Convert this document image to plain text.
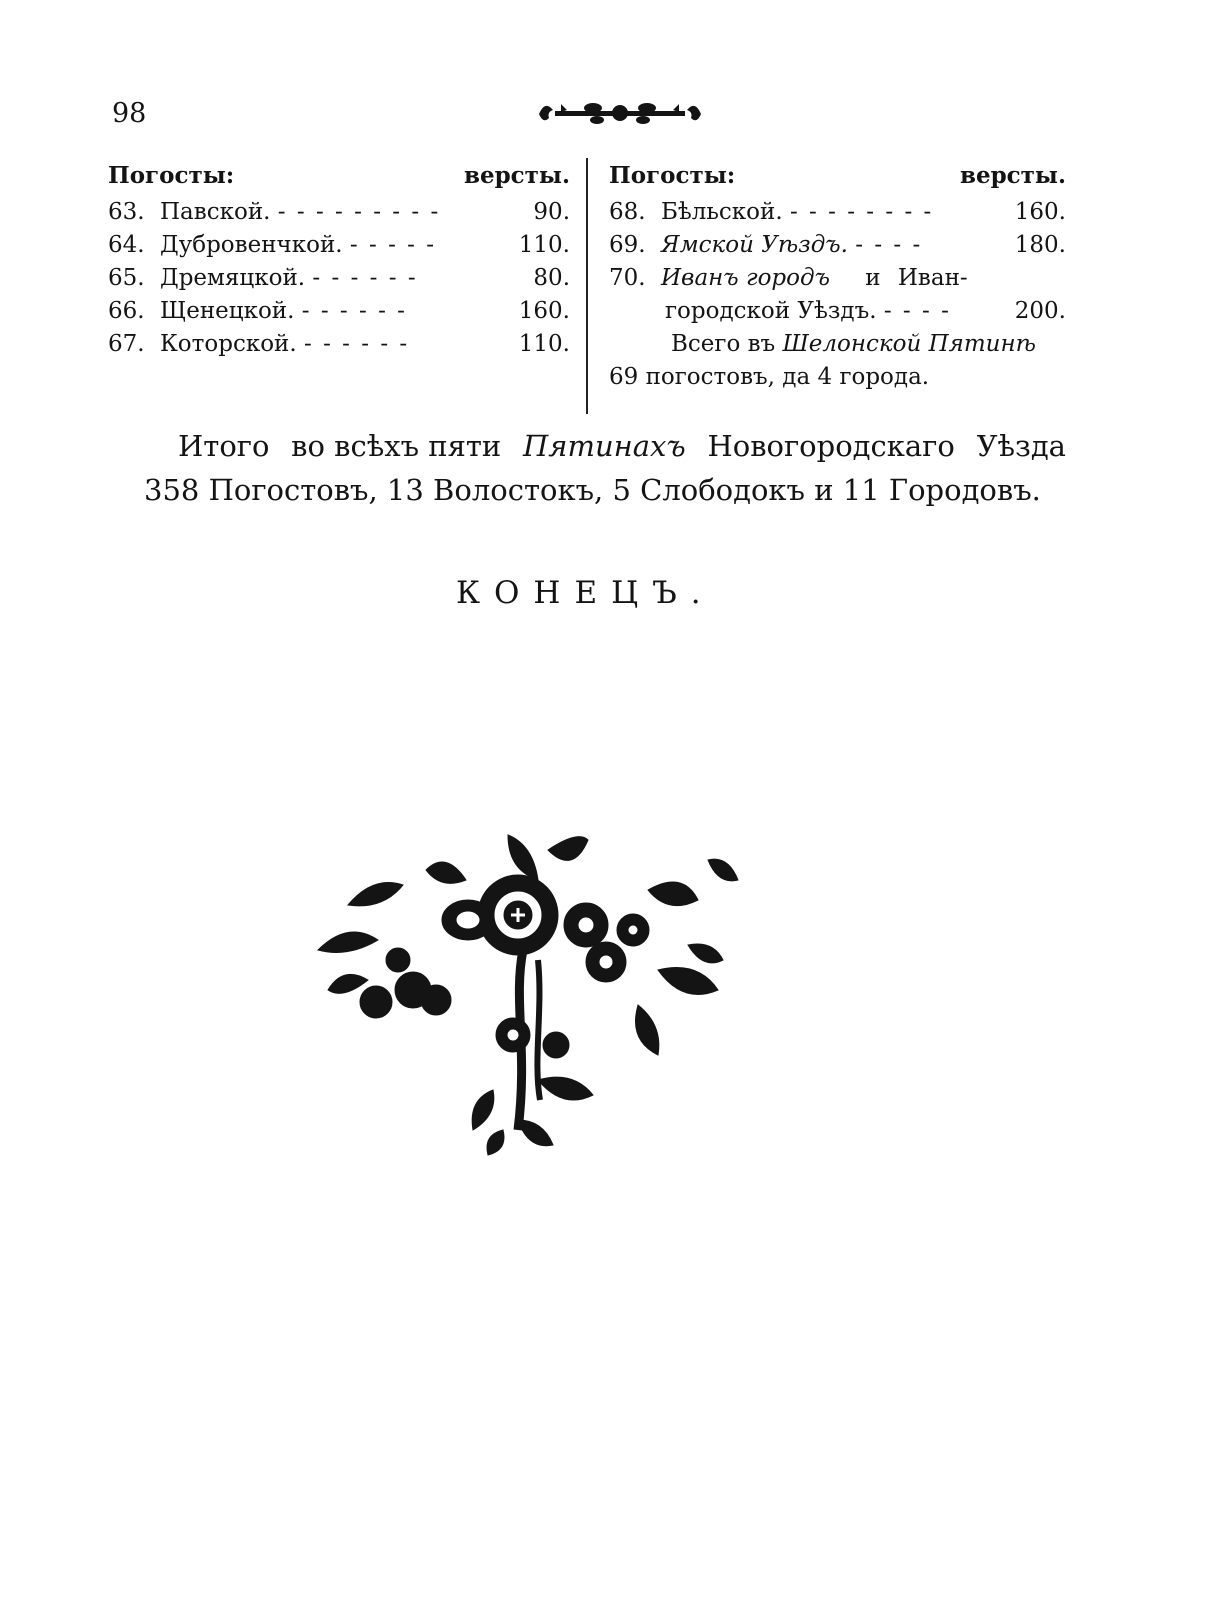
98
Погосты:	версты.
63. Павской. - - - - - - - - -	90.
64. Дубровенчкой. - - - - -	110.
65. Дремяцкой. - - - - - -	80.
66. Щенецкой. - - - - - -	160.
67. Которской. - - - - - -	110.
Погосты:	версты.
68. Бѣльской. - - - - - - - -	160.
69. Ямской Уѣздъ. - - - -	180.
70. Иванъ городъ и Иван-
городской Уѣздъ. - - - -	200.
Всего въ Шелонской Пятинѣ
69 погостовъ, да 4 города.
Итого во всѣхъ пяти Пятинахъ Новогородскаго Уѣзда
358 Погостовъ, 13 Волостокъ, 5 Слободокъ и 11 Городовъ.
КОНЕЦЪ.
